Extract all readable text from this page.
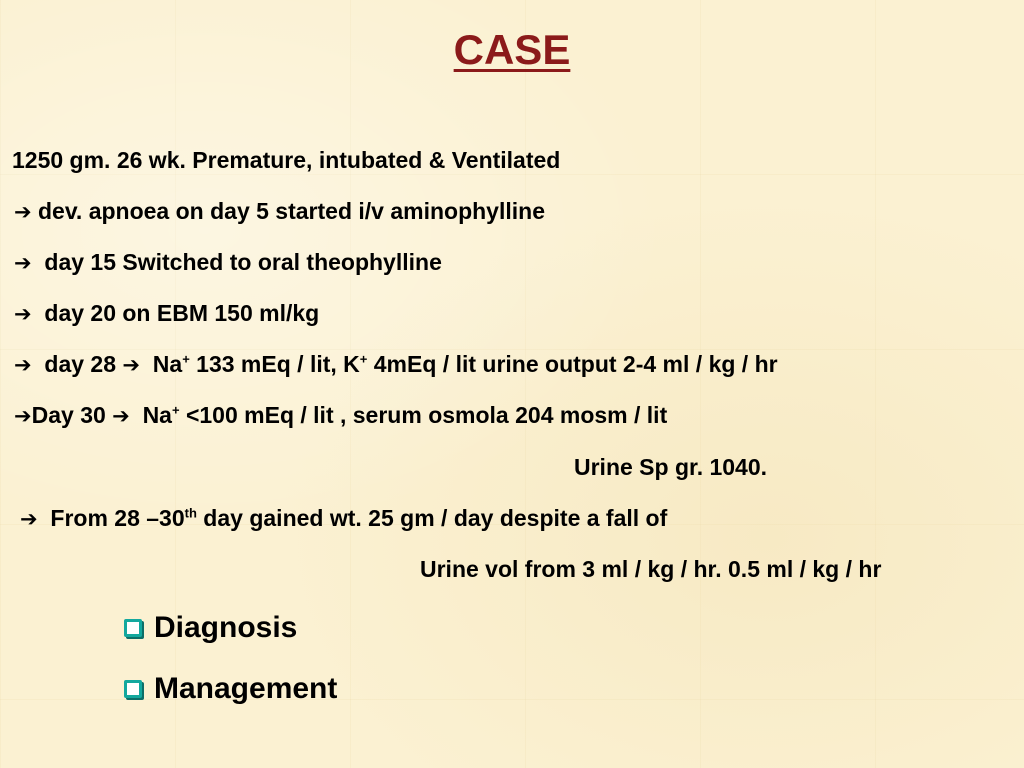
CASE
1250 gm. 26 wk. Premature, intubated & Ventilated
➔ dev. apnoea on day 5 started i/v aminophylline
➔ day 15 Switched to oral theophylline
➔ day 20 on EBM 150 ml/kg
➔ day 28 ➔ Na+ 133 mEq / lit, K+ 4mEq / lit urine output 2-4 ml / kg / hr
➔Day 30 ➔ Na+ <100 mEq / lit , serum osmola 204 mosm / lit
Urine Sp gr. 1040.
➔ From 28 –30th day gained wt. 25 gm / day despite a fall of
Urine vol from 3 ml / kg / hr. 0.5 ml / kg / hr
Diagnosis
Management
